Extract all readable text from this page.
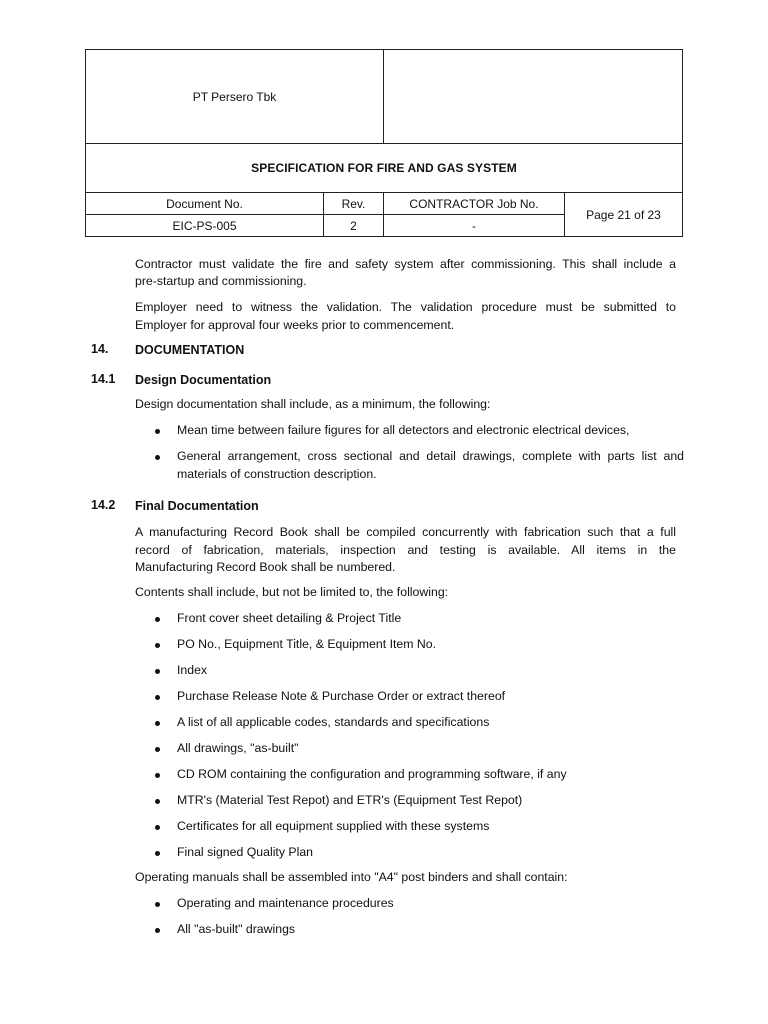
PT Persero Tbk
SPECIFICATION FOR FIRE AND GAS SYSTEM
Document No.	Rev.	CONTRACTOR Job No.
EIC-PS-005	2	-
Page 21 of 23
Contractor must validate the fire and safety system after commissioning. This shall include a
pre-startup and commissioning.
Employer need to witness the validation. The validation procedure must be submitted to
Employer for approval four weeks prior to commencement.
14. DOCUMENTATION
14.1 Design Documentation
Design documentation shall include, as a minimum, the following:
Mean time between failure figures for all detectors and electronic electrical devices,
General arrangement, cross sectional and detail drawings, complete with parts list and
materials of construction description.
14.2 Final Documentation
A manufacturing Record Book shall be compiled concurrently with fabrication such that a full
record of fabrication, materials, inspection and testing is available. All items in the
Manufacturing Record Book shall be numbered.
Contents shall include, but not be limited to, the following:
Front cover sheet detailing & Project Title
PO No., Equipment Title, & Equipment Item No.
Index
Purchase Release Note & Purchase Order or extract thereof
A list of all applicable codes, standards and specifications
All drawings, "as-built"
CD ROM containing the configuration and programming software, if any
MTR's (Material Test Repot) and ETR's (Equipment Test Repot)
Certificates for all equipment supplied with these systems
Final signed Quality Plan
Operating manuals shall be assembled into "A4" post binders and shall contain:
Operating and maintenance procedures
All "as-built" drawings
